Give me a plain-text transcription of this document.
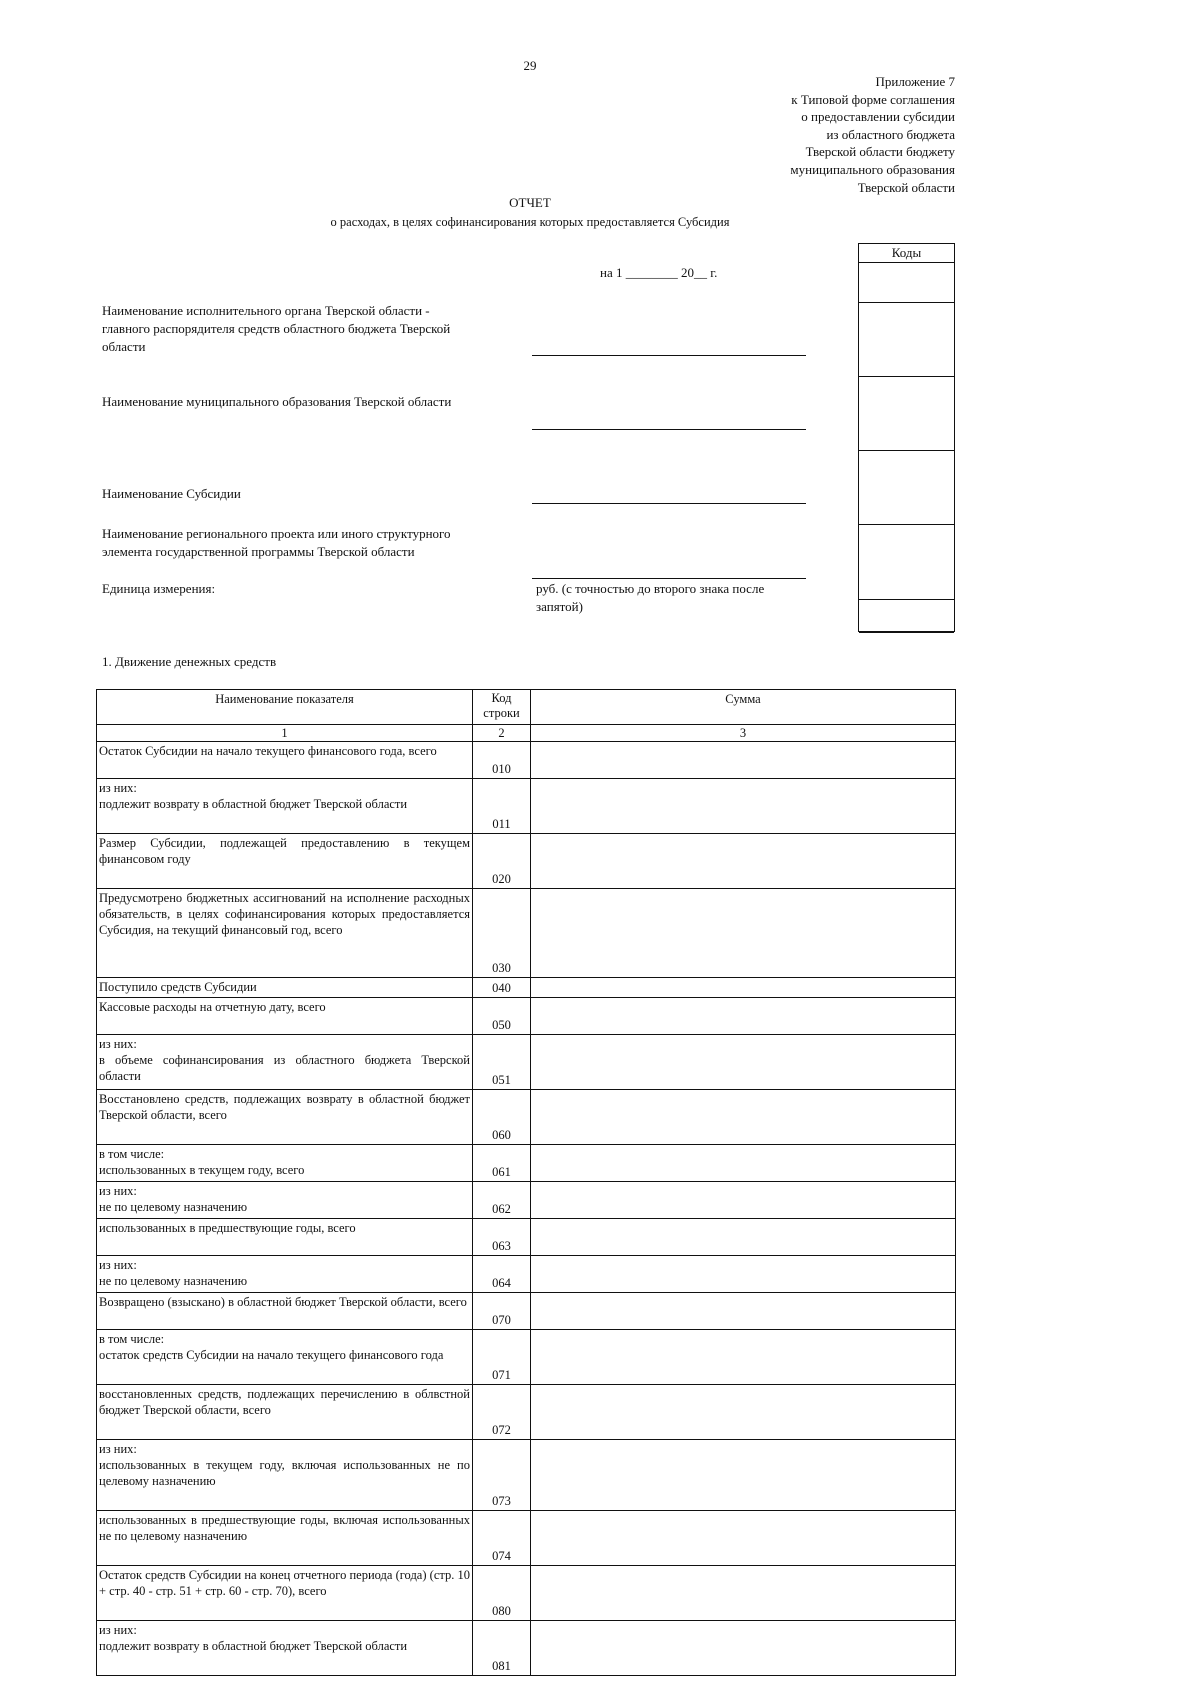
29
Приложение 7
к Типовой форме соглашения
о предоставлении субсидии
из областного бюджета
Тверской области бюджету
муниципального образования
Тверской области
ОТЧЕТ
о расходах, в целях софинансирования которых предоставляется Субсидия
на 1 ________ 20__ г.
Коды
Наименование исполнительного органа Тверской области - главного распорядителя средств областного бюджета Тверской области
Наименование муниципального образования Тверской области
Наименование Субсидии
Наименование регионального проекта или иного структурного элемента государственной программы Тверской области
Единица измерения:	руб. (с точностью до второго знака после запятой)
1. Движение денежных средств
Наименование показателя	Код строки	Сумма
1	2	3
Остаток Субсидии на начало текущего финансового года, всего	010	
из них:
подлежит возврату в областной бюджет Тверской области	011	
Размер Субсидии, подлежащей предоставлению в текущем финансовом году	020	
Предусмотрено бюджетных ассигнований на исполнение расходных обязательств, в целях софинансирования которых предоставляется Субсидия, на текущий финансовый год, всего	030	
Поступило средств Субсидии	040	
Кассовые расходы на отчетную дату, всего	050	
из них:
в объеме софинансирования из областного бюджета Тверской области	051	
Восстановлено средств, подлежащих возврату в областной бюджет Тверской области, всего	060	
в том числе:
использованных в текущем году, всего	061	
из них:
не по целевому назначению	062	
использованных в предшествующие годы, всего	063	
из них:
не по целевому назначению	064	
Возвращено (взыскано) в областной бюджет Тверской области, всего	070	
в том числе:
остаток средств Субсидии на начало текущего финансового года	071	
восстановленных средств, подлежащих перечислению в облвстной бюджет Тверской области, всего	072	
из них:
использованных в текущем году, включая использованных не по целевому назначению	073	
использованных в предшествующие годы, включая использованных не по целевому назначению	074	
Остаток средств Субсидии на конец отчетного периода (года) (стр. 10 + стр. 40 - стр. 51 + стр. 60 - стр. 70), всего	080	
из них:
подлежит возврату в областной бюджет Тверской области	081	
